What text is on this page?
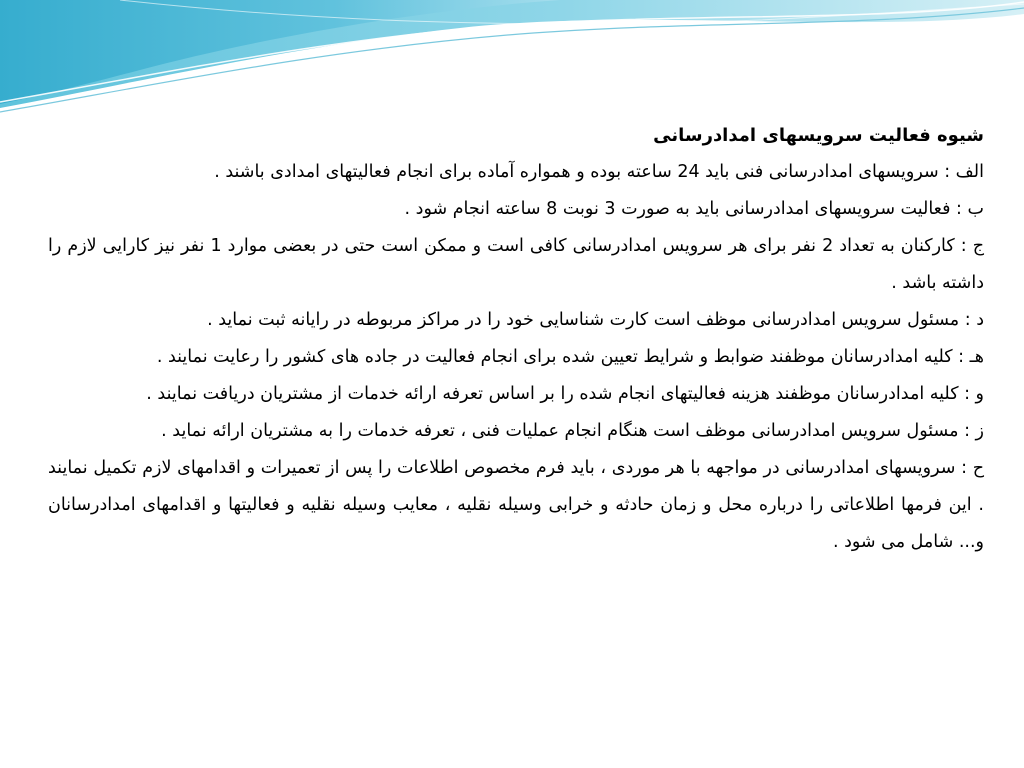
شیوه فعالیت سرویسهای امدادرسانی

الف : سرویسهای امدادرسانی فنی باید 24 ساعته بوده و همواره آماده برای انجام فعالیتهای امدادی باشند .

ب : فعالیت سرویسهای امدادرسانی باید به صورت 3 نوبت 8 ساعته انجام شود .

ج : کارکنان به تعداد 2 نفر برای هر سرویس امدادرسانی کافی است و ممکن است حتی در بعضی موارد 1 نفر نیز کارایی لازم را داشته باشد .

د : مسئول سرویس امدادرسانی موظف است کارت شناسایی خود را در مراکز مربوطه در رایانه ثبت نماید .

هـ : کلیه امدادرسانان موظفند ضوابط و شرایط تعیین شده برای انجام فعالیت در جاده های کشور را رعایت نمایند .

و : کلیه امدادرسانان موظفند هزینه فعالیتهای انجام شده را بر اساس تعرفه ارائه خدمات از مشتریان دریافت نمایند .

ز : مسئول سرویس امدادرسانی موظف است هنگام انجام عملیات فنی ، تعرفه خدمات را به مشتریان ارائه نماید .

ح : سرویسهای امدادرسانی در مواجهه با هر موردی ، باید فرم مخصوص اطلاعات را پس از تعمیرات و اقدامهای لازم تکمیل نمایند . این فرمها اطلاعاتی را درباره محل و زمان حادثه و خرابی وسیله نقلیه ، معایب وسیله نقلیه و فعالیتها و اقدامهای امدادرسانان و... شامل می شود .
